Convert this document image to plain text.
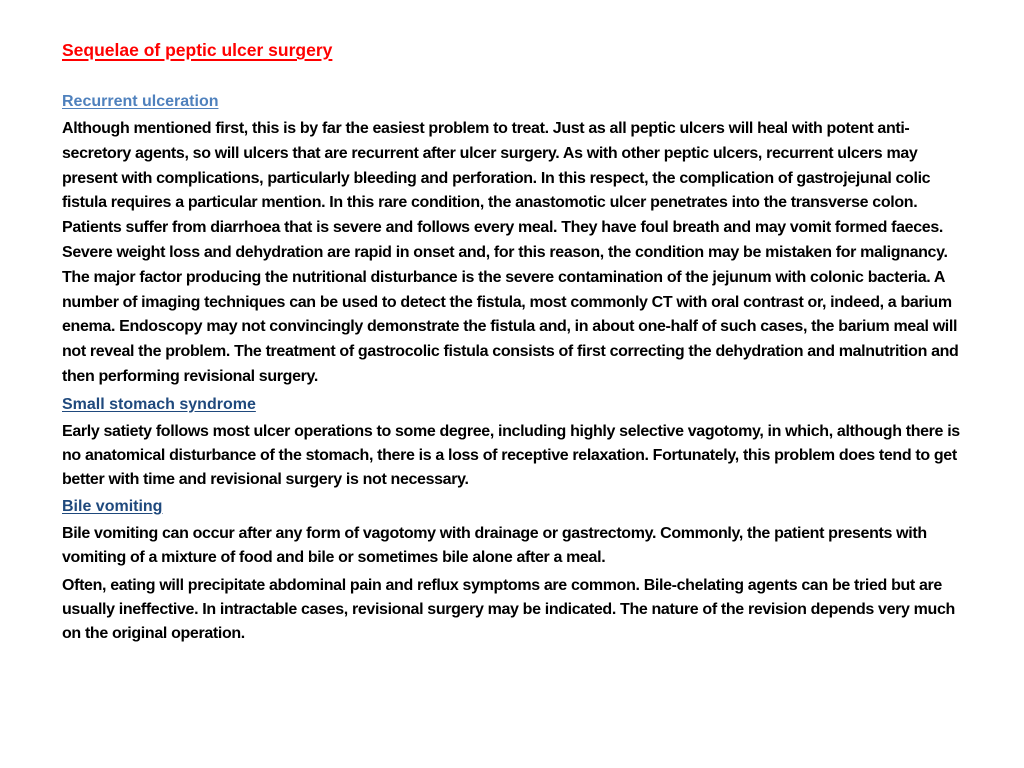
Sequelae of peptic ulcer surgery
Recurrent ulceration

Although mentioned first, this is by far the easiest problem to treat. Just as all peptic ulcers will heal with potent anti-secretory agents, so will ulcers that are recurrent after ulcer surgery. As with other peptic ulcers, recurrent ulcers may present with complications, particularly bleeding and perforation. In this respect, the complication of gastrojejunal colic fistula requires a particular mention. In this rare condition, the anastomotic ulcer penetrates into the transverse colon. Patients suffer from diarrhoea that is severe and follows every meal. They have foul breath and may vomit formed faeces. Severe weight loss and dehydration are rapid in onset and, for this reason, the condition may be mistaken for malignancy. The major factor producing the nutritional disturbance is the severe contamination of the jejunum with colonic bacteria. A number of imaging techniques can be used to detect the fistula, most commonly CT with oral contrast or, indeed, a barium enema. Endoscopy may not convincingly demonstrate the fistula and, in about one-half of such cases, the barium meal will not reveal the problem. The treatment of gastrocolic fistula consists of first correcting the dehydration and malnutrition and then performing revisional surgery.

Small stomach syndrome

Early satiety follows most ulcer operations to some degree, including highly selective vagotomy, in which, although there is no anatomical disturbance of the stomach, there is a loss of receptive relaxation. Fortunately, this problem does tend to get better with time and revisional surgery is not necessary.

Bile vomiting

Bile vomiting can occur after any form of vagotomy with drainage or gastrectomy. Commonly, the patient presents with vomiting of a mixture of food and bile or sometimes bile alone after a meal.

Often, eating will precipitate abdominal pain and reflux symptoms are common. Bile-chelating agents can be tried but are usually ineffective. In intractable cases, revisional surgery may be indicated. The nature of the revision depends very much on the original operation.
